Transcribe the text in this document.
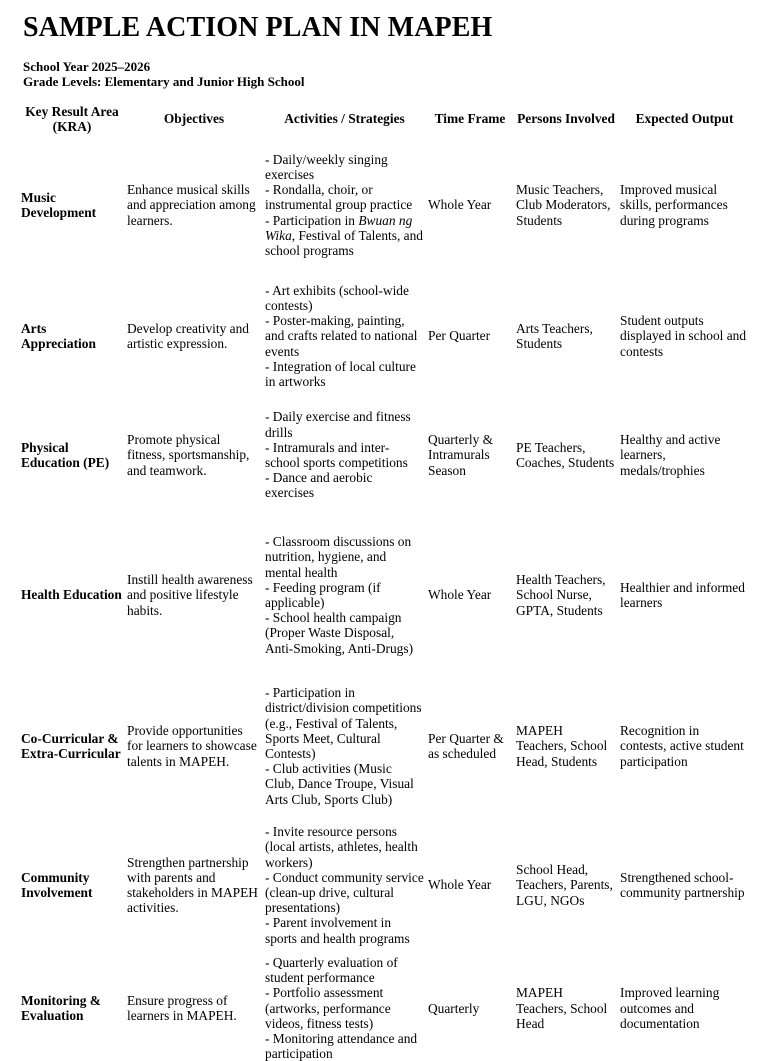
SAMPLE ACTION PLAN IN MAPEH
School Year 2025–2026
Grade Levels: Elementary and Junior High School
Key Result Area (KRA)	Objectives	Activities / Strategies	Time Frame	Persons Involved	Expected Output
Music Development	Enhance musical skills and appreciation among learners.	- Daily/weekly singing exercises
- Rondalla, choir, or instrumental group practice
- Participation in Bwuan ng Wika, Festival of Talents, and school programs	Whole Year	Music Teachers, Club Moderators, Students	Improved musical skills, performances during programs
Arts Appreciation	Develop creativity and artistic expression.	- Art exhibits (school-wide contests)
- Poster-making, painting, and crafts related to national events
- Integration of local culture in artworks	Per Quarter	Arts Teachers, Students	Student outputs displayed in school and contests
Physical Education (PE)	Promote physical fitness, sportsmanship, and teamwork.	- Daily exercise and fitness drills
- Intramurals and inter-school sports competitions
- Dance and aerobic exercises	Quarterly & Intramurals Season	PE Teachers, Coaches, Students	Healthy and active learners, medals/trophies
Health Education	Instill health awareness and positive lifestyle habits.	- Classroom discussions on nutrition, hygiene, and mental health
- Feeding program (if applicable)
- School health campaign (Proper Waste Disposal, Anti-Smoking, Anti-Drugs)	Whole Year	Health Teachers, School Nurse, GPTA, Students	Healthier and informed learners
Co-Curricular & Extra-Curricular	Provide opportunities for learners to showcase talents in MAPEH.	- Participation in district/division competitions (e.g., Festival of Talents, Sports Meet, Cultural Contests)
- Club activities (Music Club, Dance Troupe, Visual Arts Club, Sports Club)	Per Quarter & as scheduled	MAPEH Teachers, School Head, Students	Recognition in contests, active student participation
Community Involvement	Strengthen partnership with parents and stakeholders in MAPEH activities.	- Invite resource persons (local artists, athletes, health workers)
- Conduct community service (clean-up drive, cultural presentations)
- Parent involvement in sports and health programs	Whole Year	School Head, Teachers, Parents, LGU, NGOs	Strengthened school-community partnership
Monitoring & Evaluation	Ensure progress of learners in MAPEH.	- Quarterly evaluation of student performance
- Portfolio assessment (artworks, performance videos, fitness tests)
- Monitoring attendance and participation	Quarterly	MAPEH Teachers, School Head	Improved learning outcomes and documentation
